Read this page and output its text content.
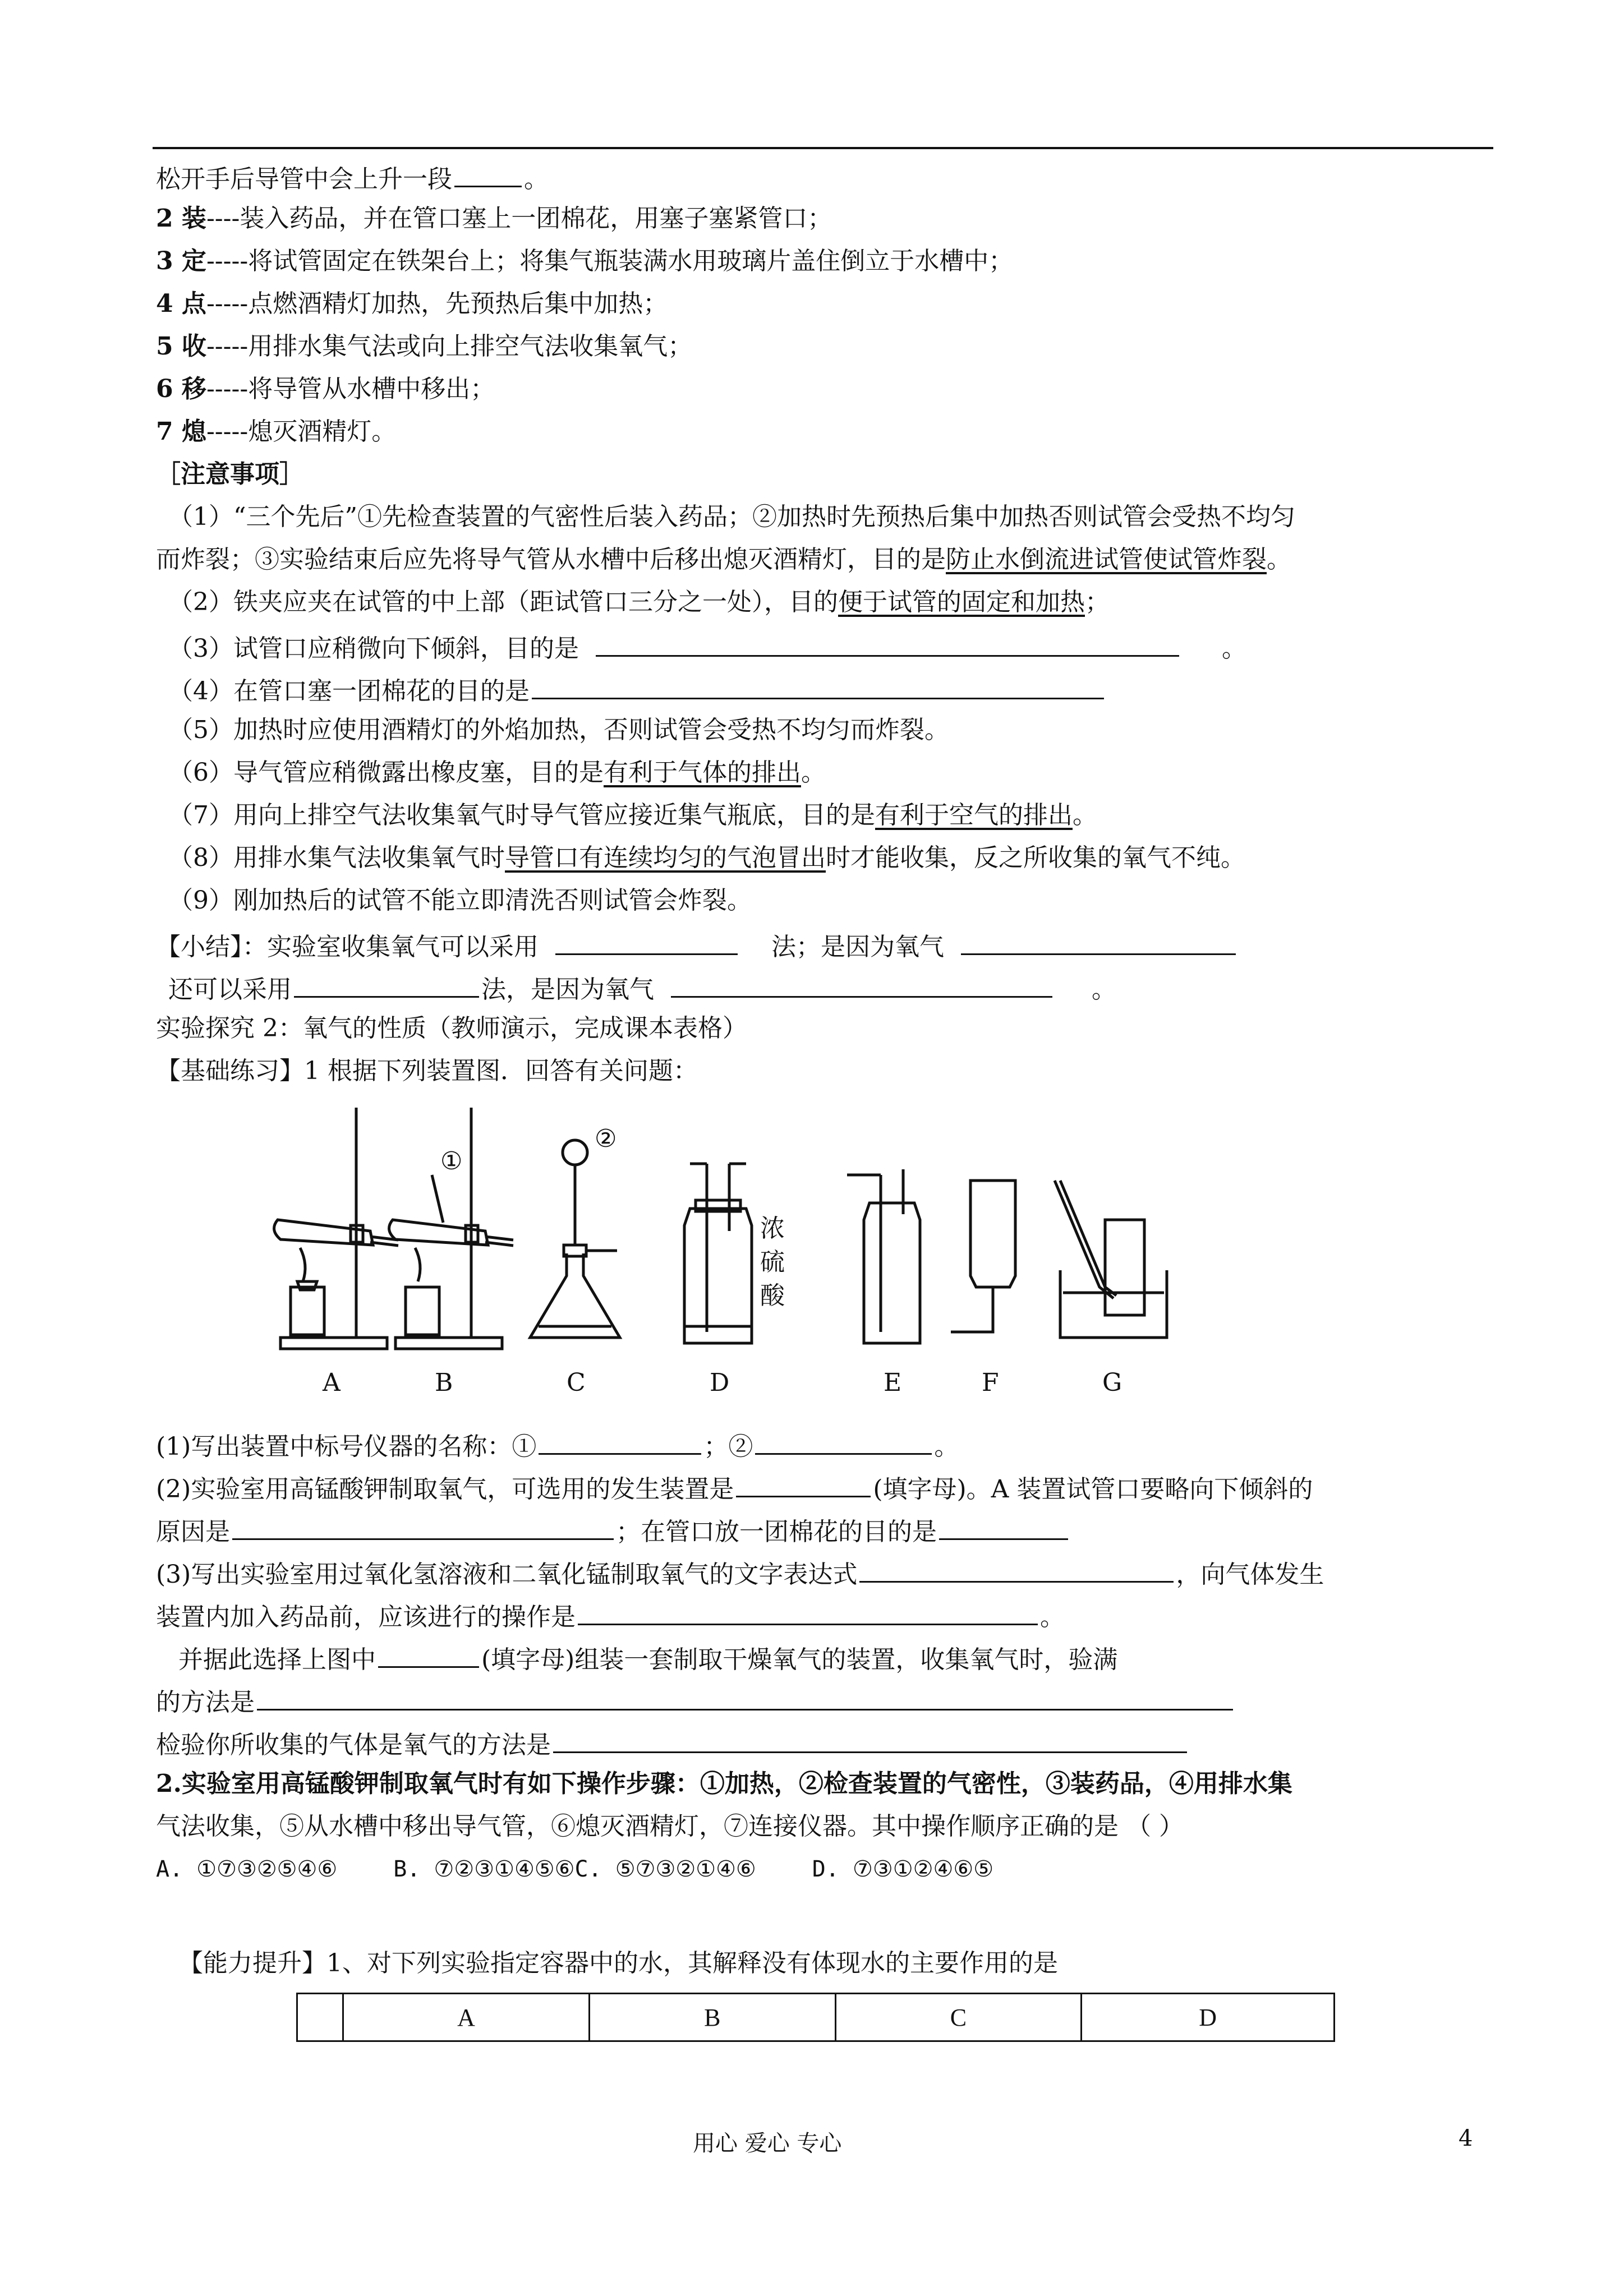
松开手后导管中会上升一段	。
2 装----装入药品，并在管口塞上一团棉花，用塞子塞紧管口；
3 定-----将试管固定在铁架台上；将集气瓶装满水用玻璃片盖住倒立于水槽中；
4 点-----点燃酒精灯加热，先预热后集中加热；
5 收-----用排水集气法或向上排空气法收集氧气；
6 移-----将导管从水槽中移出；
7 熄-----熄灭酒精灯。
［注意事项］
（1）“三个先后”①先检查装置的气密性后装入药品；②加热时先预热后集中加热否则试管会受热不均匀
而炸裂；③实验结束后应先将导气管从水槽中后移出熄灭酒精灯，目的是防止水倒流进试管使试管炸裂。
（2）铁夹应夹在试管的中上部（距试管口三分之一处），目的便于试管的固定和加热；
（3）试管口应稍微向下倾斜，目的是	。
（4）在管口塞一团棉花的目的是
（5）加热时应使用酒精灯的外焰加热，否则试管会受热不均匀而炸裂。
（6）导气管应稍微露出橡皮塞，目的是有利于气体的排出。
（7）用向上排空气法收集氧气时导气管应接近集气瓶底，目的是有利于空气的排出。
（8）用排水集气法收集氧气时导管口有连续均匀的气泡冒出时才能收集，反之所收集的氧气不纯。
（9）刚加热后的试管不能立即清洗否则试管会炸裂。
【小结】：实验室收集氧气可以采用	法；是因为氧气
还可以采用	法，是因为氧气	。
实验探究 2：氧气的性质（教师演示，完成课本表格）
【基础练习】1 根据下列装置图．回答有关问题：
①
②
浓
硫
酸
A	B	C	D	E	F	G
(1)写出装置中标号仪器的名称：①	；②	。
(2)实验室用高锰酸钾制取氧气，可选用的发生装置是	(填字母)。A 装置试管口要略向下倾斜的
原因是	；在管口放一团棉花的目的是
(3)写出实验室用过氧化氢溶液和二氧化锰制取氧气的文字表达式	，向气体发生
装置内加入药品前，应该进行的操作是	。
并据此选择上图中	(填字母)组装一套制取干燥氧气的装置，收集氧气时，验满
的方法是
检验你所收集的气体是氧气的方法是
2.实验室用高锰酸钾制取氧气时有如下操作步骤：①加热，②检查装置的气密性，③装药品，④用排水集
气法收集，⑤从水槽中移出导气管，⑥熄灭酒精灯，⑦连接仪器。其中操作顺序正确的是 （ ）
A. ①⑦③②⑤④⑥	B. ⑦②③①④⑤⑥C. ⑤⑦③②①④⑥	D. ⑦③①②④⑥⑤
【能力提升】1、对下列实验指定容器中的水，其解释没有体现水的主要作用的是
	A	B	C	D
用心 爱心 专心	4
